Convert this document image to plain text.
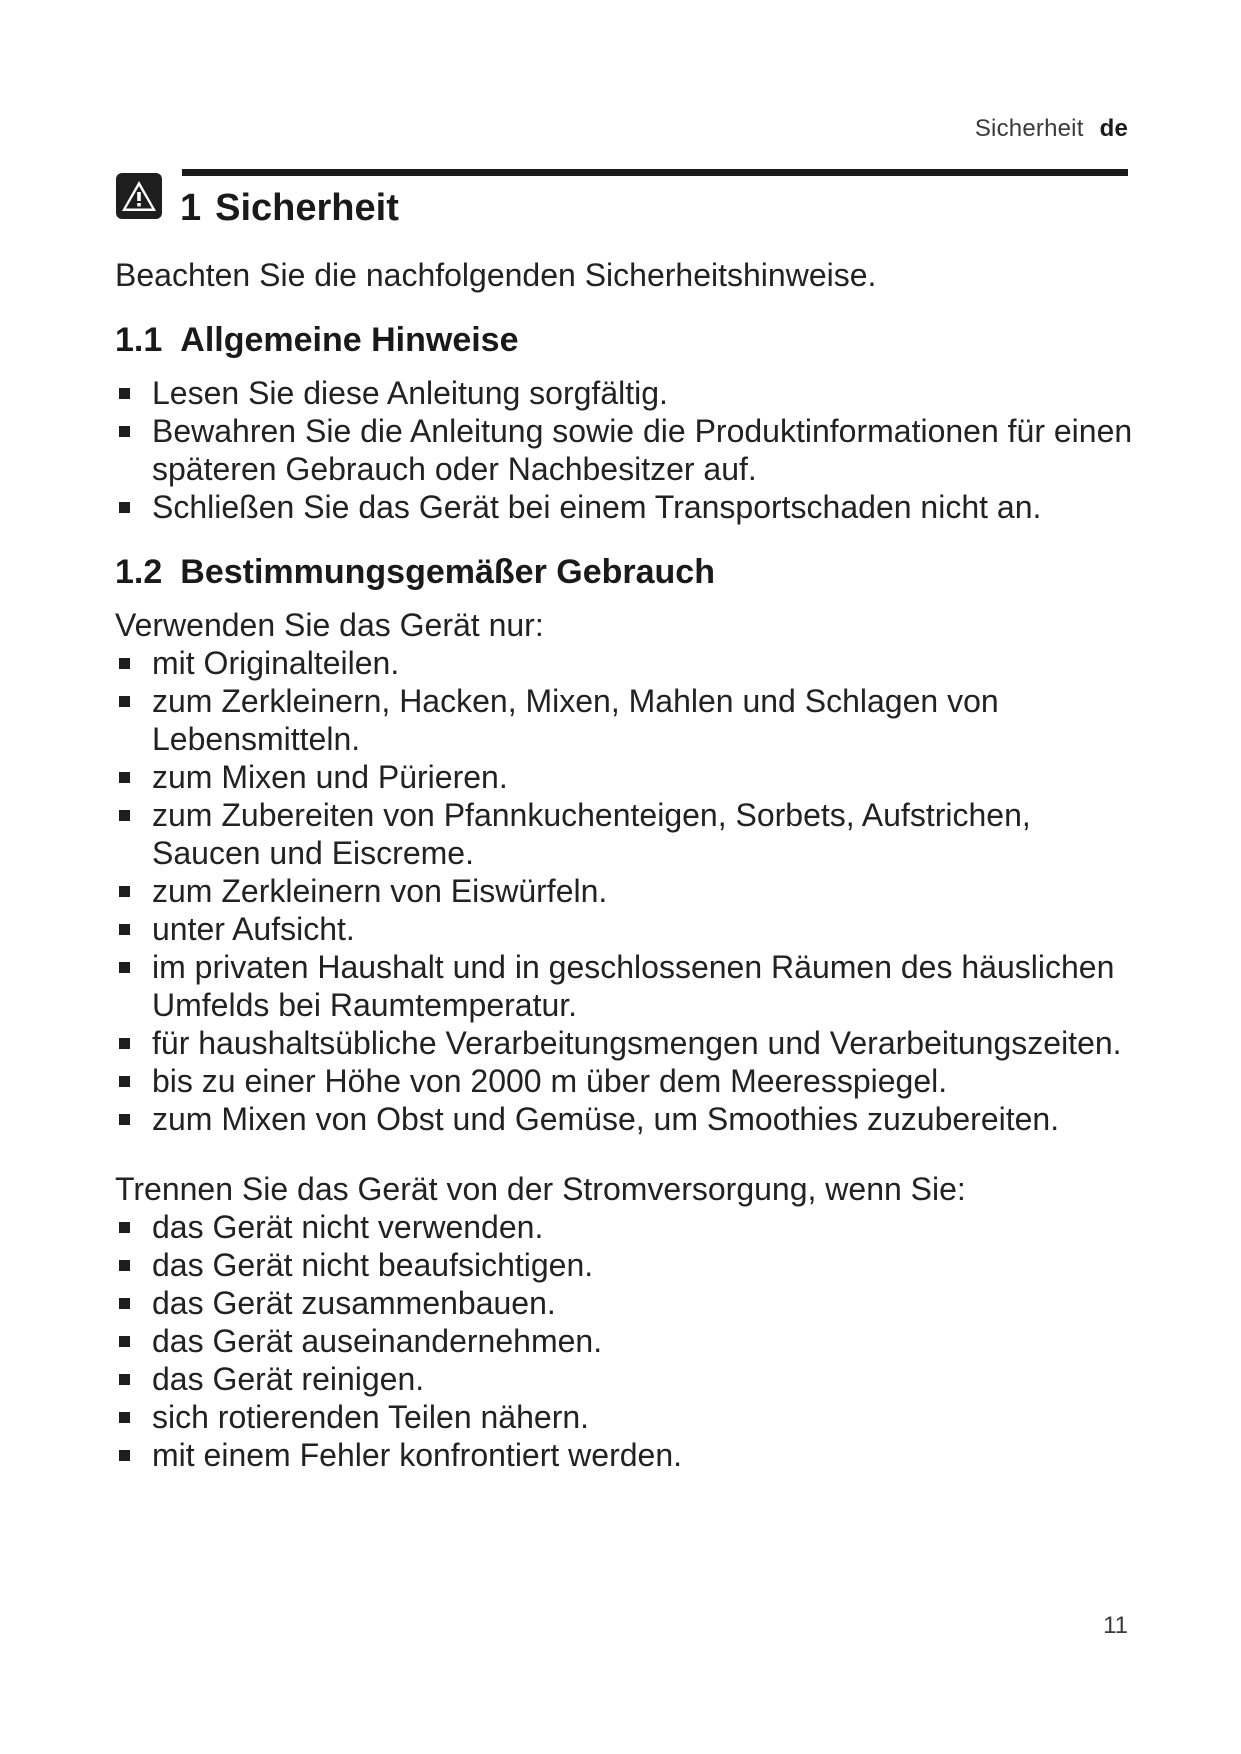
Sicherheit de
1 Sicherheit

Beachten Sie die nachfolgenden Sicherheitshinweise.

1.1 Allgemeine Hinweise
Lesen Sie diese Anleitung sorgfältig.
Bewahren Sie die Anleitung sowie die Produktinformationen für einen späteren Gebrauch oder Nachbesitzer auf.
Schließen Sie das Gerät bei einem Transportschaden nicht an.
1.2 Bestimmungsgemäßer Gebrauch

Verwenden Sie das Gerät nur:

mit Originalteilen.
zum Zerkleinern, Hacken, Mixen, Mahlen und Schlagen von Lebensmitteln.
zum Mixen und Pürieren.
zum Zubereiten von Pfannkuchenteigen, Sorbets, Aufstrichen, Saucen und Eiscreme.
zum Zerkleinern von Eiswürfeln.
unter Aufsicht.
im privaten Haushalt und in geschlossenen Räumen des häuslichen Umfelds bei Raumtemperatur.
für haushaltsübliche Verarbeitungsmengen und Verarbeitungszeiten.
bis zu einer Höhe von 2000 m über dem Meeresspiegel.
zum Mixen von Obst und Gemüse, um Smoothies zuzubereiten.

Trennen Sie das Gerät von der Stromversorgung, wenn Sie:

das Gerät nicht verwenden.
das Gerät nicht beaufsichtigen.
das Gerät zusammenbauen.
das Gerät auseinandernehmen.
das Gerät reinigen.
sich rotierenden Teilen nähern.
mit einem Fehler konfrontiert werden.
11
